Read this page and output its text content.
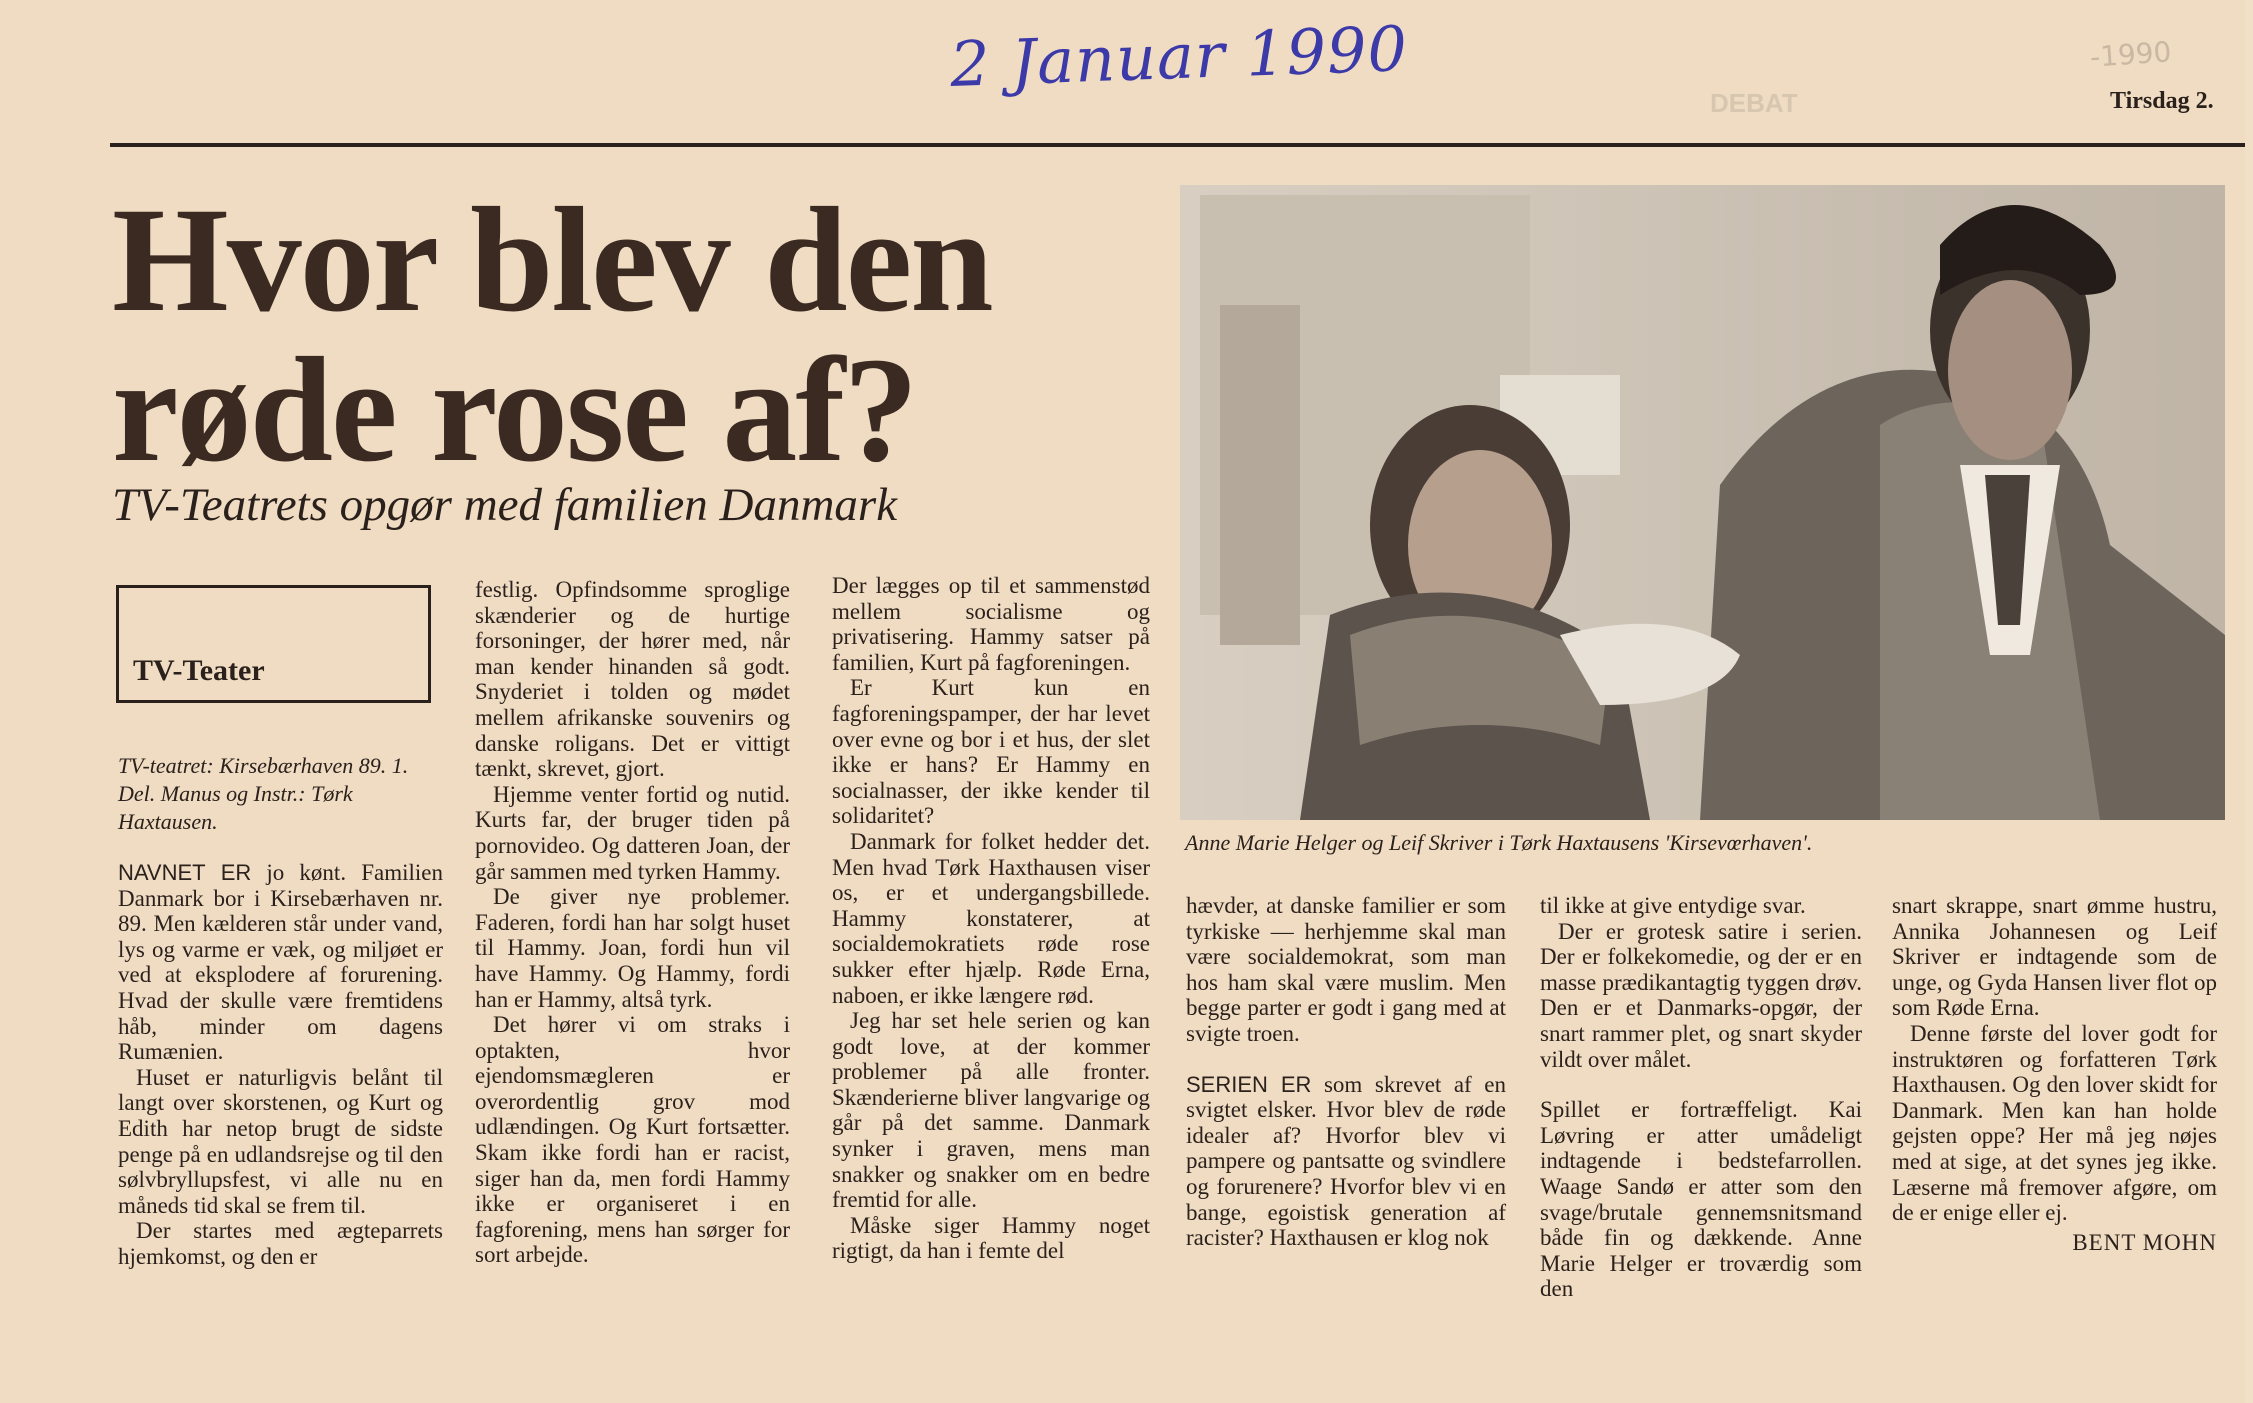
2 Januar 1990	-1990
DEBAT	Tirsdag 2.
Hvor blev den røde rose af?
TV-Teatrets opgør med familien Danmark
Anne Marie Helger og Leif Skriver i Tørk Haxtausens 'Kirsevœrhaven'.
TV-Teater
TV-teatret: Kirsebærhaven 89. 1. Del. Manus og Instr.: Tørk Haxtausen.

NAVNET ER jo kønt. Familien Danmark bor i Kirsebærhaven nr. 89. Men kælderen står under vand, lys og varme er væk, og miljøet er ved at eksplodere af forurening. Hvad der skulle være fremtidens håb, minder om dagens Rumænien.

Huset er naturligvis belånt til langt over skorstenen, og Kurt og Edith har netop brugt de sidste penge på en udlandsrejse og til den sølvbryllupsfest, vi alle nu en måneds tid skal se frem til.

Der startes med ægteparrets hjemkomst, og den er

festlig. Opfindsomme sproglige skænderier og de hurtige forsoninger, der hører med, når man kender hinanden så godt. Snyderiet i tolden og mødet mellem afrikanske souvenirs og danske roligans. Det er vittigt tænkt, skrevet, gjort.

Hjemme venter fortid og nutid. Kurts far, der bruger tiden på pornovideo. Og datteren Joan, der går sammen med tyrken Hammy.

De giver nye problemer. Faderen, fordi han har solgt huset til Hammy. Joan, fordi hun vil have Hammy. Og Hammy, fordi han er Hammy, altså tyrk.

Det hører vi om straks i optakten, hvor ejendomsmægleren er overordentlig grov mod udlændingen. Og Kurt fortsætter. Skam ikke fordi han er racist, siger han da, men fordi Hammy ikke er organiseret i en fagforening, mens han sørger for sort arbejde.

Der lægges op til et sammenstød mellem socialisme og privatisering. Hammy satser på familien, Kurt på fagforeningen.

Er Kurt kun en fagforeningspamper, der har levet over evne og bor i et hus, der slet ikke er hans? Er Hammy en socialnasser, der ikke kender til solidaritet?

Danmark for folket hedder det. Men hvad Tørk Haxthausen viser os, er et undergangsbillede. Hammy konstaterer, at socialdemokratiets røde rose sukker efter hjælp. Røde Erna, naboen, er ikke længere rød.

Jeg har set hele serien og kan godt love, at der kommer problemer på alle fronter. Skænderierne bliver langvarige og går på det samme. Danmark synker i graven, mens man snakker og snakker om en bedre fremtid for alle.

Måske siger Hammy noget rigtigt, da han i femte del

hævder, at danske familier er som tyrkiske — herhjemme skal man være socialdemokrat, som man hos ham skal være muslim. Men begge parter er godt i gang med at svigte troen.

SERIEN ER som skrevet af en svigtet elsker. Hvor blev de røde idealer af? Hvorfor blev vi pampere og pantsatte og svindlere og forurenere? Hvorfor blev vi en bange, egoistisk generation af racister? Haxthausen er klog nok

til ikke at give entydige svar.

Der er grotesk satire i serien. Der er folkekomedie, og der er en masse prædikantagtig tyggen drøv. Den er et Danmarks-opgør, der snart rammer plet, og snart skyder vildt over målet.

Spillet er fortræffeligt. Kai Løvring er atter umådeligt indtagende i bedstefarrollen. Waage Sandø er atter som den svage/brutale gennemsnitsmand både fin og dækkende. Anne Marie Helger er troværdig som den

snart skrappe, snart ømme hustru, Annika Johannesen og Leif Skriver er indtagende som de unge, og Gyda Hansen liver flot op som Røde Erna.

Denne første del lover godt for instruktøren og forfatteren Tørk Haxthausen. Og den lover skidt for Danmark. Men kan han holde gejsten oppe? Her må jeg nøjes med at sige, at det synes jeg ikke. Læserne må fremover afgøre, om de er enige eller ej.

BENT MOHN
